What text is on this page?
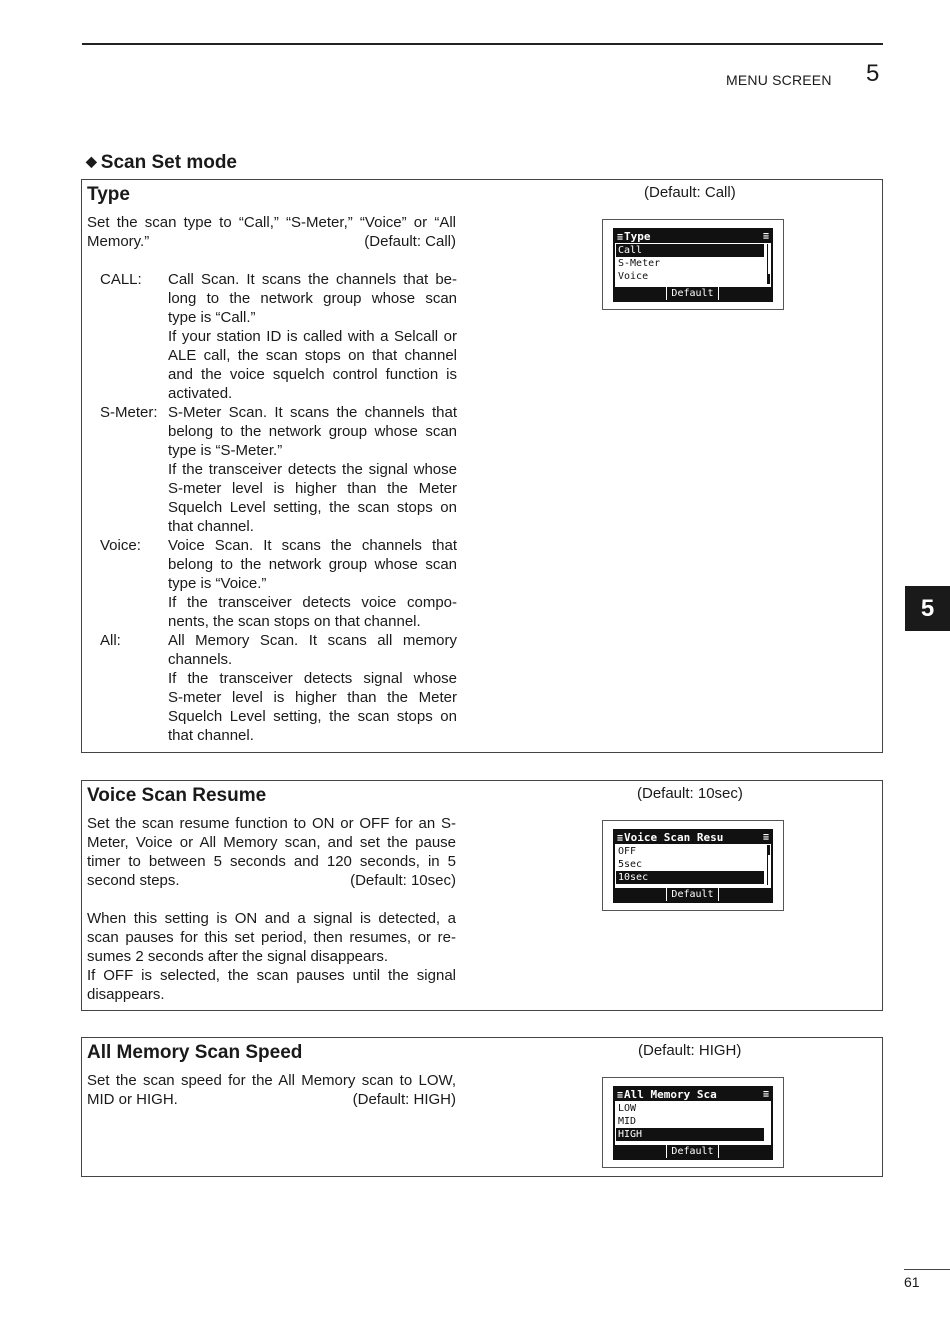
MENU SCREEN 5
5
◆ Scan Set mode
Type	(Default: Call)
Set the scan type to “Call,” “S-Meter,” “Voice” or “All
Memory.”	(Default: Call)
CALL:	Call Scan. It scans the channels that be-
long to the network group whose scan
type is “Call.”
If your station ID is called with a Selcall or
ALE call, the scan stops on that channel
and the voice squelch control function is
activated.
S-Meter: S-Meter Scan. It scans the channels that
belong to the network group whose scan
type is “S-Meter.”
If the transceiver detects the signal whose
S-meter level is higher than the Meter
Squelch Level setting, the scan stops on
that channel.
Voice:	Voice Scan. It scans the channels that
belong to the network group whose scan
type is “Voice.”
If the transceiver detects voice compo-
nents, the scan stops on that channel.
All:	All Memory Scan. It scans all memory
channels.
If the transceiver detects signal whose
S-meter level is higher than the Meter
Squelch Level setting, the scan stops on
that channel.
≡Type	≡
Call
S-Meter
Voice
Default
Voice Scan Resume	(Default: 10sec)
Set the scan resume function to ON or OFF for an S-
Meter, Voice or All Memory scan, and set the pause
timer to between 5 seconds and 120 seconds, in 5
second steps.	(Default: 10sec)
When this setting is ON and a signal is detected, a
scan pauses for this set period, then resumes, or re-
sumes 2 seconds after the signal disappears.
If OFF is selected, the scan pauses until the signal
disappears.
≡Voice Scan Resu	≡
OFF
5sec
10sec
Default
All Memory Scan Speed	(Default: HIGH)
Set the scan speed for the All Memory scan to LOW,
MID or HIGH.	(Default: HIGH)	≡All Memory Sca	≡
LOW
MID
HIGH
Default
61
